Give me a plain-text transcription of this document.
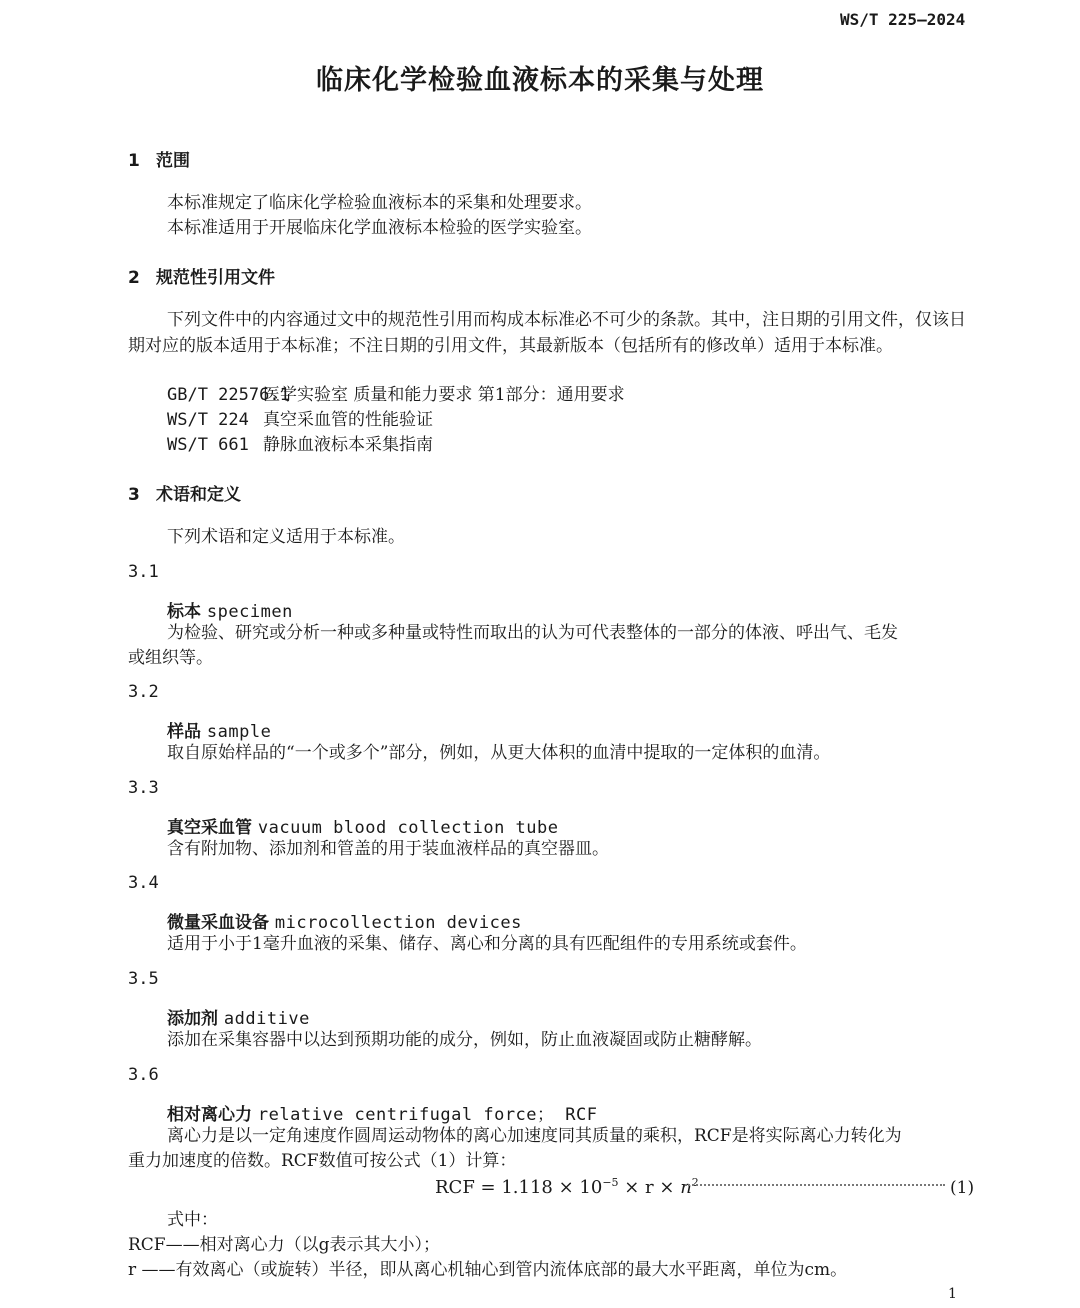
WS/T 225—2024
临床化学检验血液标本的采集与处理
1 范围
本标准规定了临床化学检验血液标本的采集和处理要求。
本标准适用于开展临床化学血液标本检验的医学实验室。
2 规范性引用文件
下列文件中的内容通过文中的规范性引用而构成本标准必不可少的条款。其中，注日期的引用文件，仅该日期对应的版本适用于本标准；不注日期的引用文件，其最新版本（包括所有的修改单）适用于本标准。
GB/T 22576.1医学实验室 质量和能力要求 第1部分：通用要求
WS/T 224 真空采血管的性能验证
WS/T 661 静脉血液标本采集指南
3 术语和定义
下列术语和定义适用于本标准。
3.1
标本 specimen
为检验、研究或分析一种或多种量或特性而取出的认为可代表整体的一部分的体液、呼出气、毛发
或组织等。
3.2
样品 sample
取自原始样品的“一个或多个”部分，例如，从更大体积的血清中提取的一定体积的血清。
3.3
真空采血管 vacuum blood collection tube
含有附加物、添加剂和管盖的用于装血液样品的真空器皿。
3.4
微量采血设备 microcollection devices
适用于小于1毫升血液的采集、储存、离心和分离的具有匹配组件的专用系统或套件。
3.5
添加剂 additive
添加在采集容器中以达到预期功能的成分，例如，防止血液凝固或防止糖酵解。
3.6
相对离心力 relative centrifugal force； RCF
离心力是以一定角速度作圆周运动物体的离心加速度同其质量的乘积，RCF是将实际离心力转化为
重力加速度的倍数。RCF数值可按公式（1）计算：
RCF = $1.118 \times 10^{-5} \times r \times n^2$	(1)
式中：
RCF——相对离心力（以g表示其大小）；
r ——有效离心（或旋转）半径，即从离心机轴心到管内流体底部的最大水平距离，单位为cm。
1
